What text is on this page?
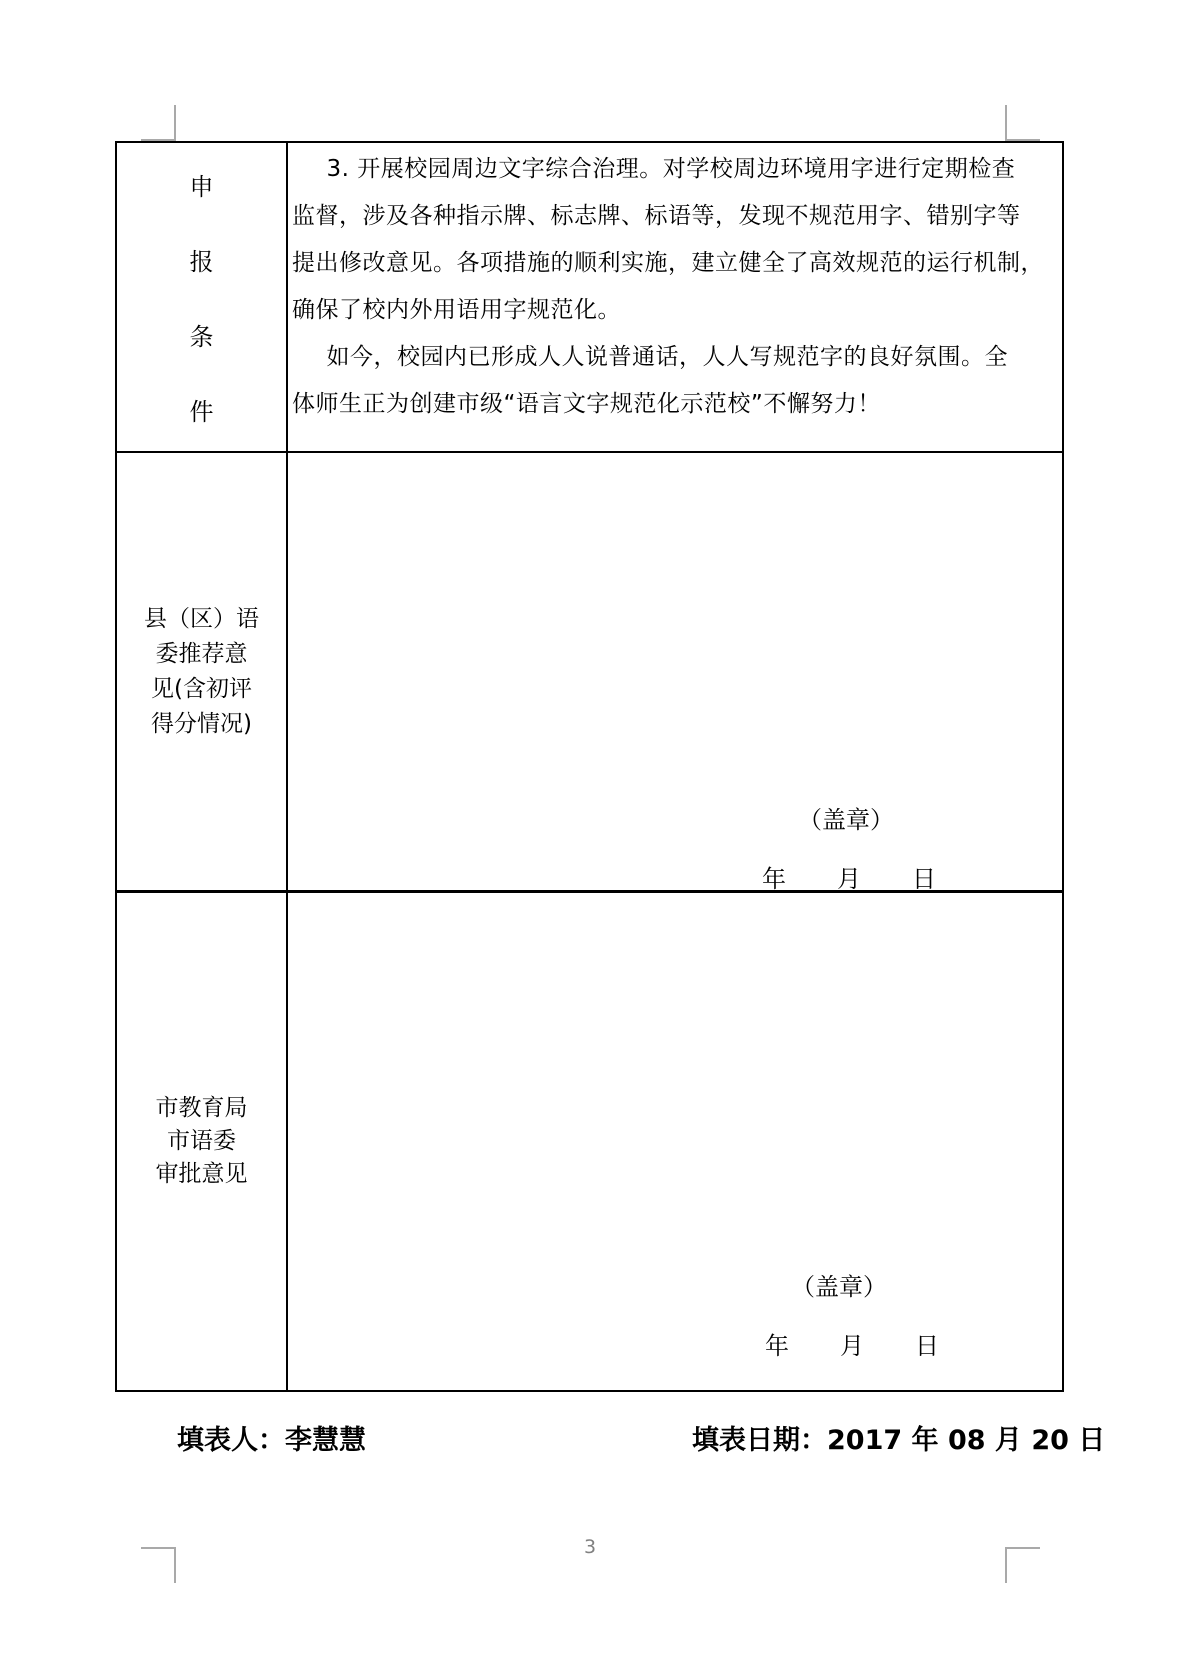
申
报
条
件
3. 开展校园周边文字综合治理。对学校周边环境用字进行定期检查
监督，涉及各种指示牌、标志牌、标语等，发现不规范用字、错别字等
提出修改意见。各项措施的顺利实施，建立健全了高效规范的运行机制，
确保了校内外用语用字规范化。
如今，校园内已形成人人说普通话，人人写规范字的良好氛围。全
体师生正为创建市级“语言文字规范化示范校”不懈努力！
县（区）语
委推荐意
见(含初评
得分情况)
（盖章）
年　　月　　日
市教育局
市语委
审批意见
（盖章）
年　　月　　日
填表人：李慧慧	填表日期：2017 年 08 月 20 日
3
